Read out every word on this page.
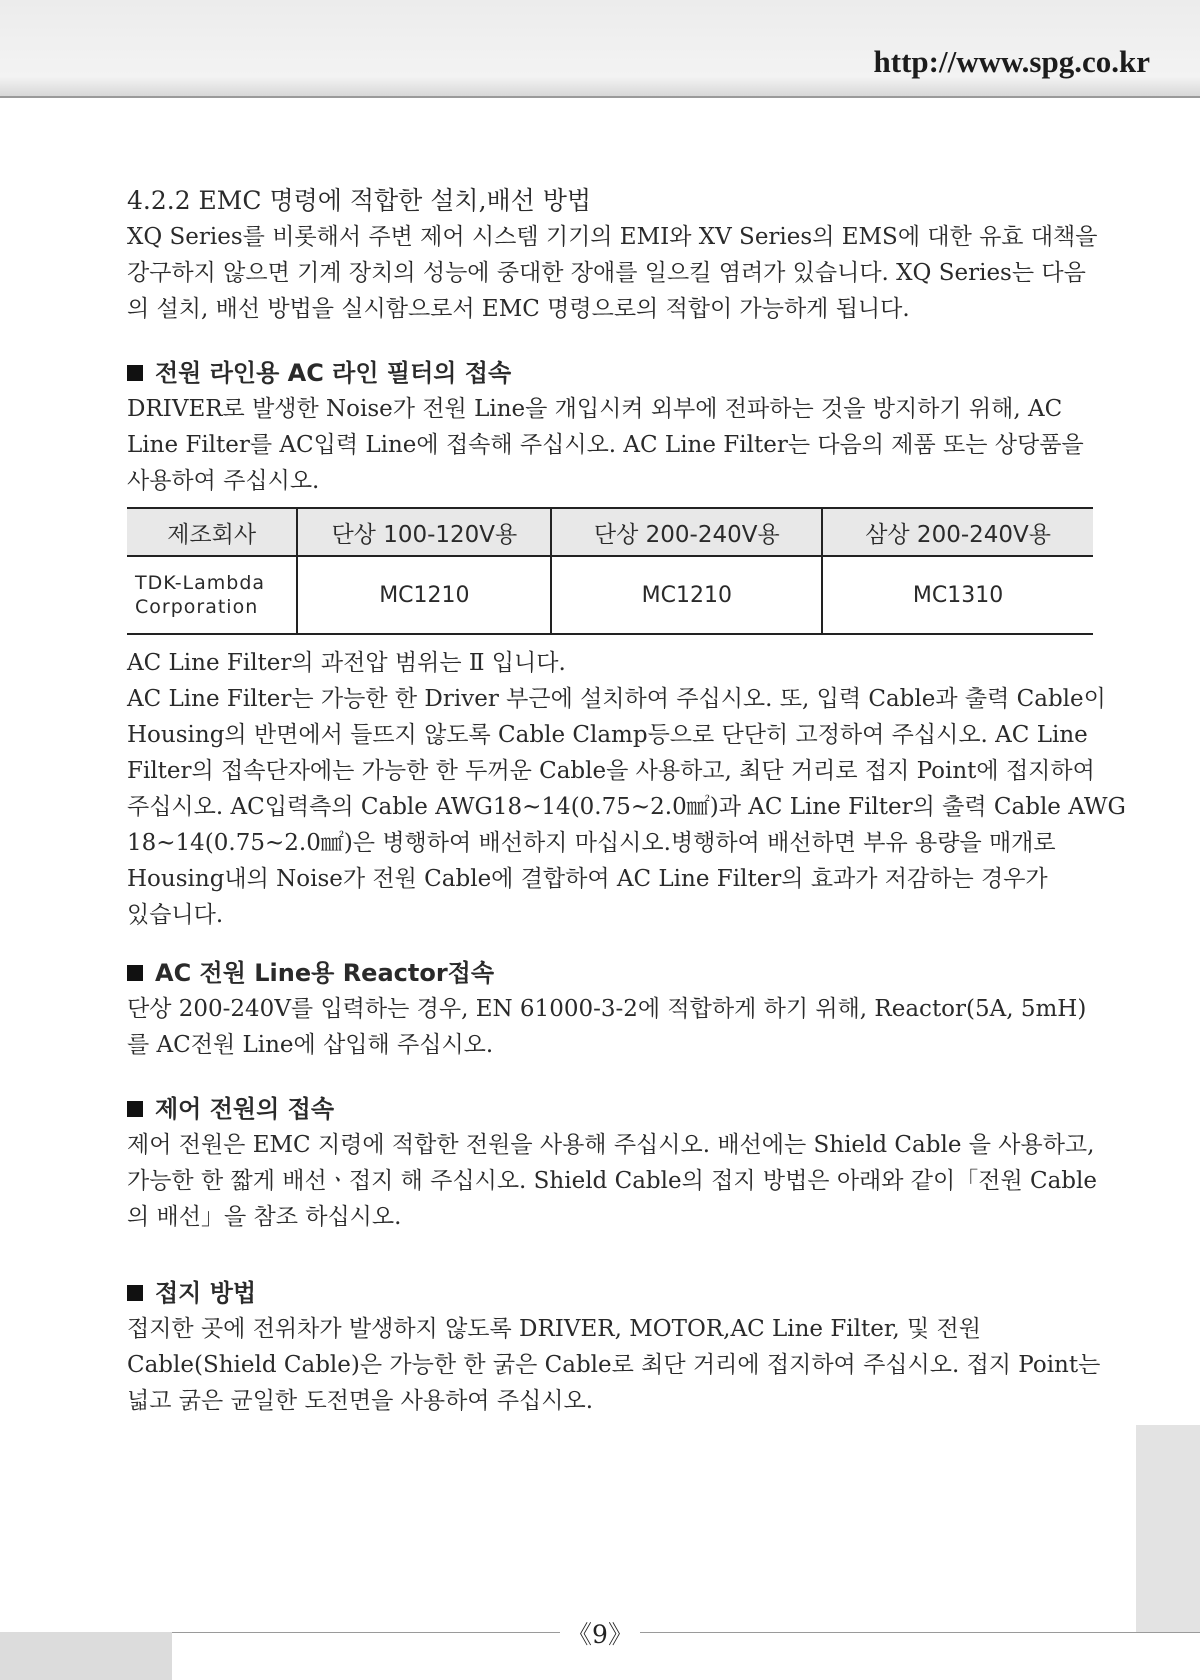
http://www.spg.co.kr

4.2.2 EMC 명령에 적합한 설치,배선 방법

XQ Series를 비롯해서 주변 제어 시스템 기기의 EMI와 XV Series의 EMS에 대한 유효 대책을

강구하지 않으면 기계 장치의 성능에 중대한 장애를 일으킬 염려가 있습니다. XQ Series는 다음

의 설치, 배선 방법을 실시함으로서 EMC 명령으로의 적합이 가능하게 됩니다.

전원 라인용 AC 라인 필터의 접속

DRIVER로 발생한 Noise가 전원 Line을 개입시켜 외부에 전파하는 것을 방지하기 위해, AC

Line Filter를 AC입력 Line에 접속해 주십시오. AC Line Filter는 다음의 제품 또는 상당품을

사용하여 주십시오.

제조회사	단상 100-120V용	단상 200-240V용	삼상 200-240V용

TDK-Lambda
Corporation	MC1210	MC1210	MC1310

AC Line Filter의 과전압 범위는 Ⅱ 입니다.

AC Line Filter는 가능한 한 Driver 부근에 설치하여 주십시오. 또, 입력 Cable과 출력 Cable이

Housing의 반면에서 들뜨지 않도록 Cable Clamp등으로 단단히 고정하여 주십시오. AC Line

Filter의 접속단자에는 가능한 한 두꺼운 Cable을 사용하고, 최단 거리로 접지 Point에 접지하여

주십시오. AC입력측의 Cable AWG18~14(0.75~2.0㎟)과 AC Line Filter의 출력 Cable AWG

18~14(0.75~2.0㎟)은 병행하여 배선하지 마십시오.병행하여 배선하면 부유 용량을 매개로

Housing내의 Noise가 전원 Cable에 결합하여 AC Line Filter의 효과가 저감하는 경우가

있습니다.

AC 전원 Line용 Reactor접속

단상 200-240V를 입력하는 경우, EN 61000-3-2에 적합하게 하기 위해, Reactor(5A, 5mH)

를 AC전원 Line에 삽입해 주십시오.

제어 전원의 접속

제어 전원은 EMC 지령에 적합한 전원을 사용해 주십시오. 배선에는 Shield Cable 을 사용하고,

가능한 한 짧게 배선ㆍ접지 해 주십시오. Shield Cable의 접지 방법은 아래와 같이「전원 Cable

의 배선」을 참조 하십시오.

접지 방법

접지한 곳에 전위차가 발생하지 않도록 DRIVER, MOTOR,AC Line Filter, 및 전원

Cable(Shield Cable)은 가능한 한 굵은 Cable로 최단 거리에 접지하여 주십시오. 접지 Point는

넓고 굵은 균일한 도전면을 사용하여 주십시오.

《9》
